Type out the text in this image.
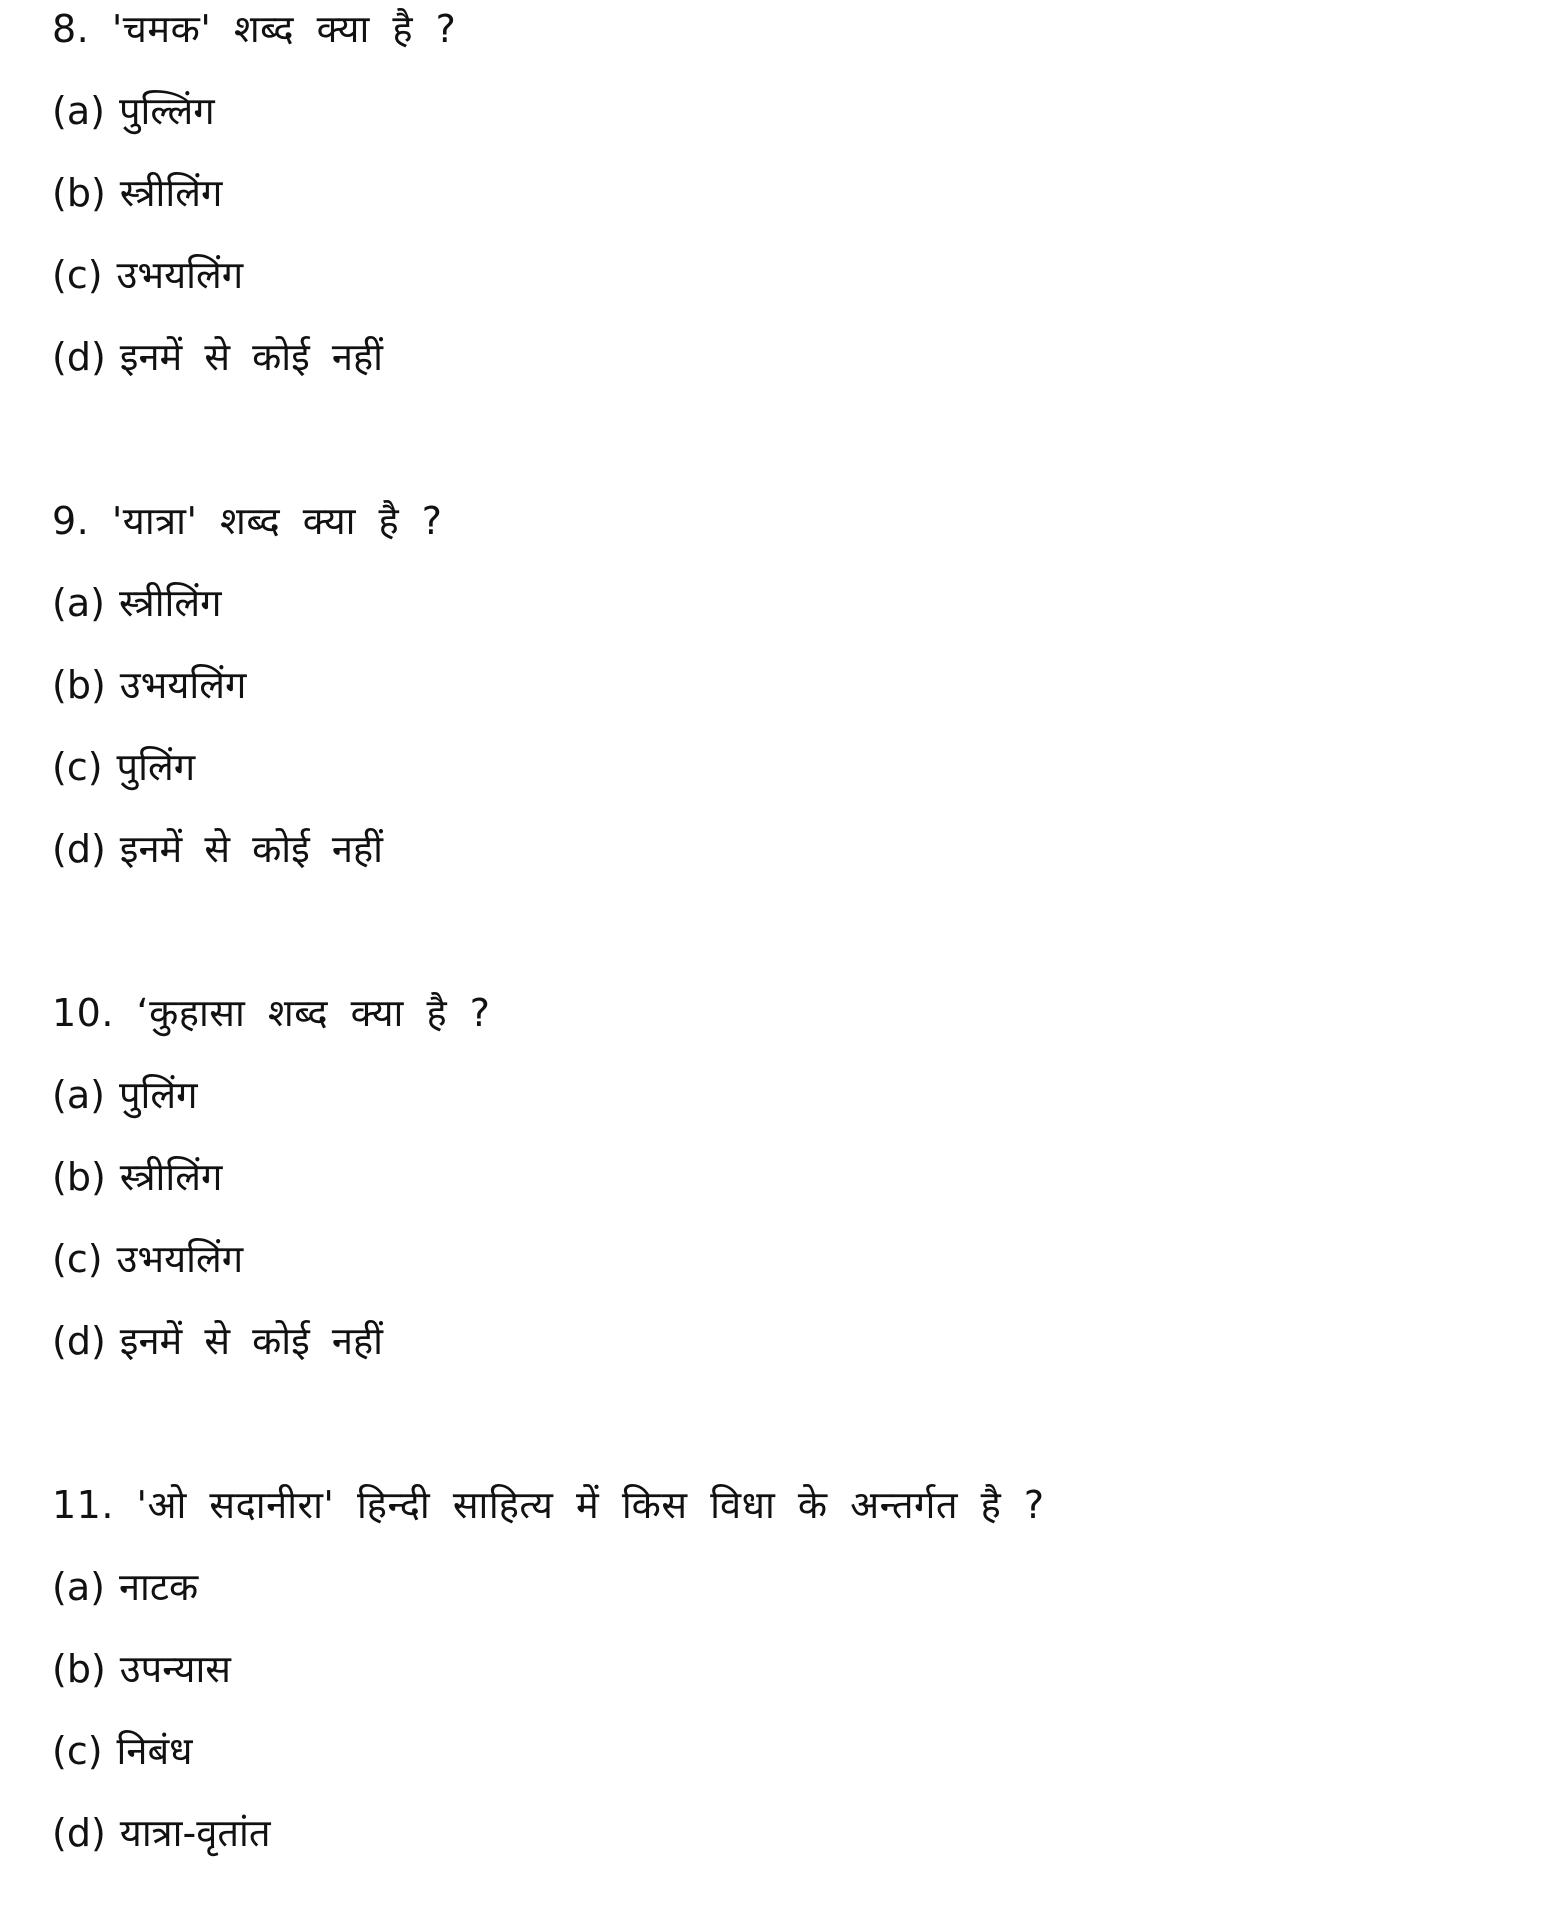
8. 'चमक' शब्द क्या है ?
(a) पुल्लिंग
(b) स्त्रीलिंग
(c) उभयलिंग
(d) इनमें से कोई नहीं
9. 'यात्रा' शब्द क्या है ?
(a) स्त्रीलिंग
(b) उभयलिंग
(c) पुलिंग
(d) इनमें से कोई नहीं
10. ‘कुहासा शब्द क्या है ?
(a) पुलिंग
(b) स्त्रीलिंग
(c) उभयलिंग
(d) इनमें से कोई नहीं
11. 'ओ सदानीरा' हिन्दी साहित्य में किस विधा के अन्तर्गत है ?
(a) नाटक
(b) उपन्यास
(c) निबंध
(d) यात्रा-वृतांत
